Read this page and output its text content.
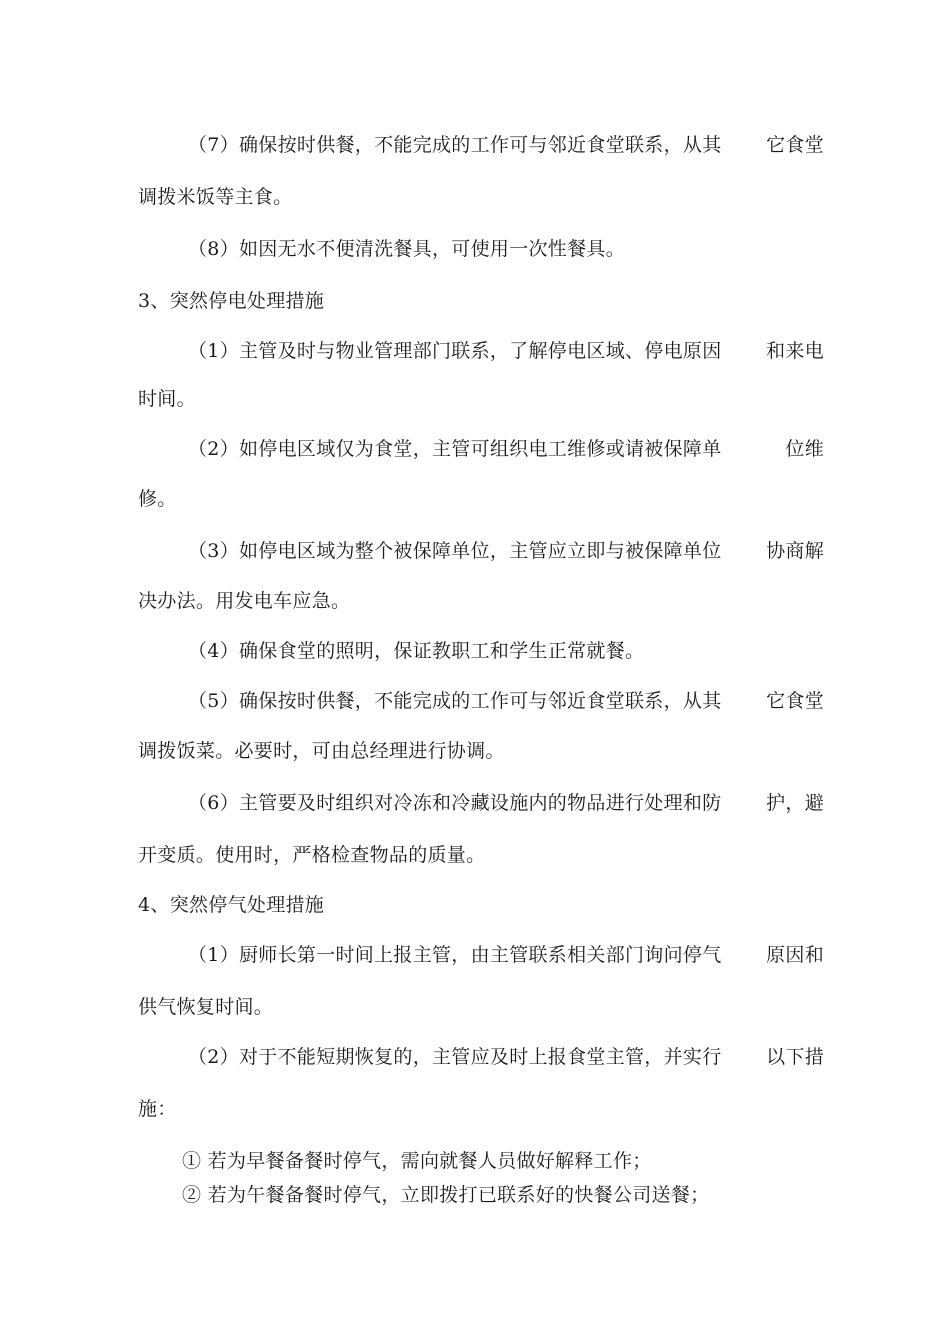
（7）确保按时供餐，不能完成的工作可与邻近食堂联系，从其 它食堂
调拨米饭等主食。
（8）如因无水不便清洗餐具，可使用一次性餐具。
3、突然停电处理措施
（1）主管及时与物业管理部门联系，了解停电区域、停电原因 和来电
时间。
（2）如停电区域仅为食堂，主管可组织电工维修或请被保障单	位维
修。
（3）如停电区域为整个被保障单位，主管应立即与被保障单位 协商解
决办法。用发电车应急。
（4）确保食堂的照明，保证教职工和学生正常就餐。
（5）确保按时供餐，不能完成的工作可与邻近食堂联系，从其 它食堂
调拨饭菜。必要时，可由总经理进行协调。
（6）主管要及时组织对冷冻和冷藏设施内的物品进行处理和防 护，避
开变质。使用时，严格检查物品的质量。
4、突然停气处理措施
（1）厨师长第一时间上报主管，由主管联系相关部门询问停气 原因和
供气恢复时间。
（2）对于不能短期恢复的，主管应及时上报食堂主管，并实行 以下措
施：
① 若为早餐备餐时停气，需向就餐人员做好解释工作；
② 若为午餐备餐时停气，立即拨打已联系好的快餐公司送餐；
